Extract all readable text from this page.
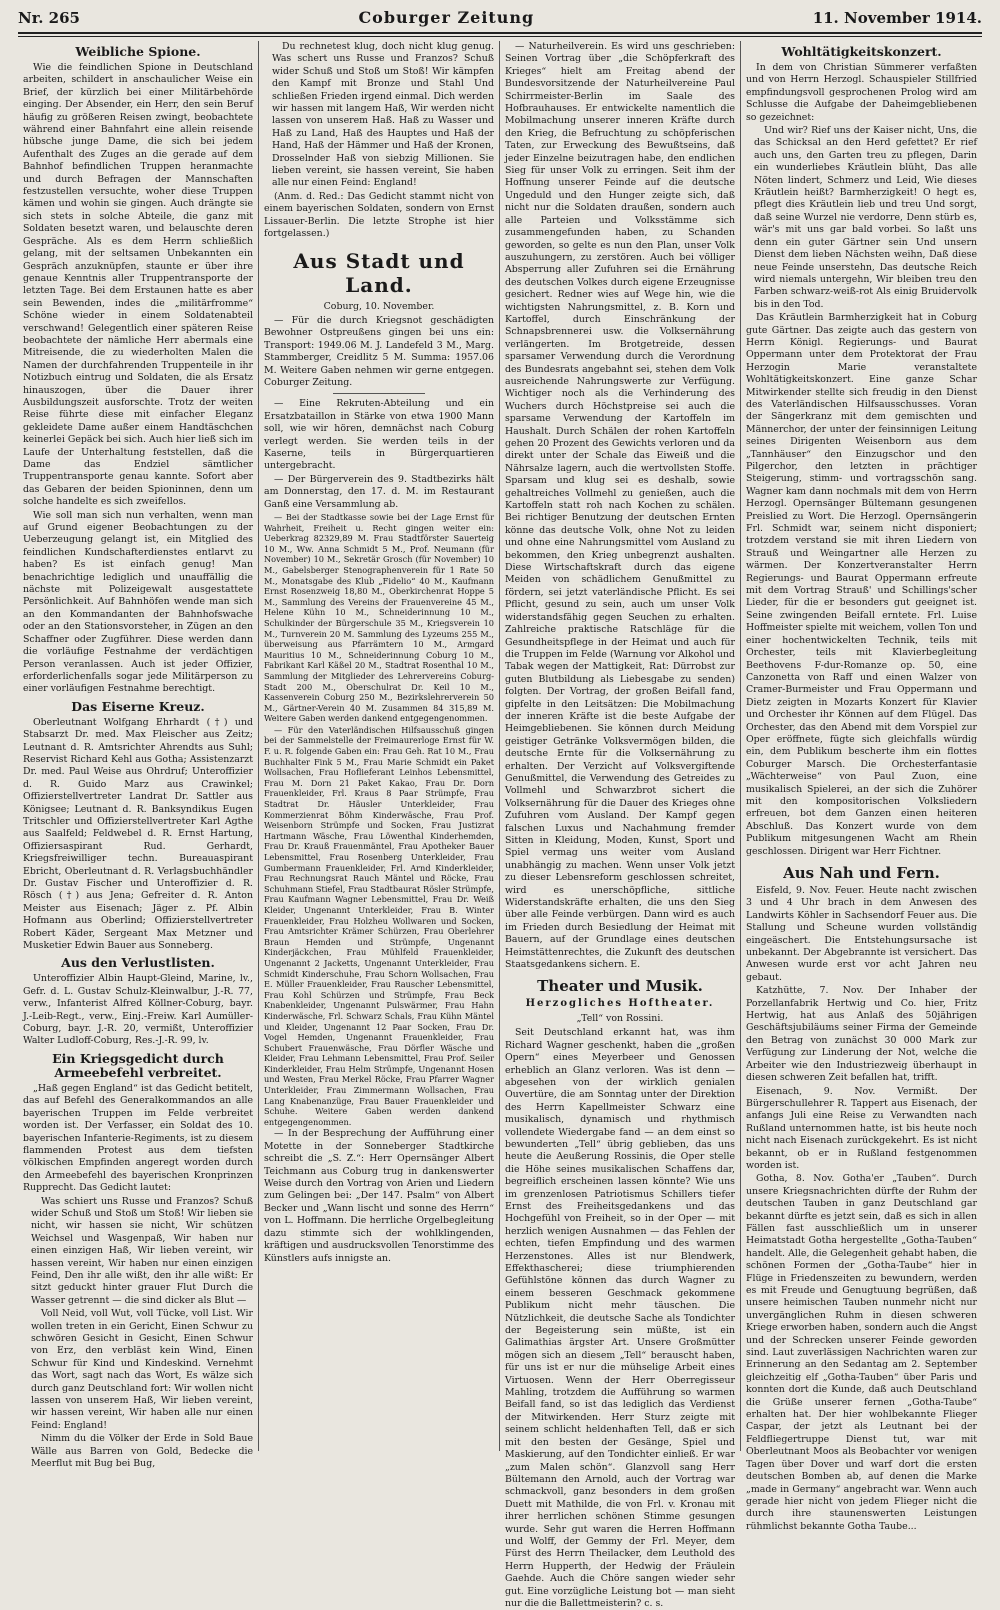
Nr. 265	Coburger Zeitung	11. November 1914.
Weibliche Spione.

Wie die feindlichen Spione in Deutschland arbeiten, schildert in anschaulicher Weise ein Brief, der kürzlich bei einer Militärbehörde einging. Der Absender, ein Herr, den sein Beruf häufig zu größeren Reisen zwingt, beobachtete während einer Bahnfahrt eine allein reisende hübsche junge Dame, die sich bei jedem Aufenthalt des Zuges an die gerade auf dem Bahnhof befindlichen Truppen heranmachte und durch Befragen der Mannschaften festzustellen versuchte, woher diese Truppen kämen und wohin sie gingen. Auch drängte sie sich stets in solche Abteile, die ganz mit Soldaten besetzt waren, und belauschte deren Gespräche. Als es dem Herrn schließlich gelang, mit der seltsamen Unbekannten ein Gespräch anzuknüpfen, staunte er über ihre genaue Kenntnis aller Truppentransporte der letzten Tage. Bei dem Erstaunen hatte es aber sein Bewenden, indes die „militärfromme“ Schöne wieder in einem Soldatenabteil verschwand! Gelegentlich einer späteren Reise beobachtete der nämliche Herr abermals eine Mitreisende, die zu wiederholten Malen die Namen der durchfahrenden Truppenteile in ihr Notizbuch eintrug und Soldaten, die als Ersatz hinauszogen, über die Dauer ihrer Ausbildungszeit ausforschte. Trotz der weiten Reise führte diese mit einfacher Eleganz gekleidete Dame außer einem Handtäschchen keinerlei Gepäck bei sich. Auch hier ließ sich im Laufe der Unterhaltung feststellen, daß die Dame das Endziel sämtlicher Truppentransporte genau kannte. Sofort aber das Gebaren der beiden Spioninnen, denn um solche handelte es sich zweifellos.

Wie soll man sich nun verhalten, wenn man auf Grund eigener Beobachtungen zu der Ueberzeugung gelangt ist, ein Mitglied des feindlichen Kundschafterdienstes entlarvt zu haben? Es ist einfach genug! Man benachrichtige lediglich und unauffällig die nächste mit Polizeigewalt ausgestattete Persönlichkeit. Auf Bahnhöfen wende man sich an den Kommandanten der Bahnhofswache oder an den Stationsvorsteher, in Zügen an den Schaffner oder Zugführer. Diese werden dann die vorläufige Festnahme der verdächtigen Person veranlassen. Auch ist jeder Offizier, erforderlichenfalls sogar jede Militärperson zu einer vorläufigen Festnahme berechtigt.

Das Eiserne Kreuz.

Oberleutnant Wolfgang Ehrhardt (†) und Stabsarzt Dr. med. Max Fleischer aus Zeitz; Leutnant d. R. Amtsrichter Ahrendts aus Suhl; Reservist Richard Kehl aus Gotha; Assistenzarzt Dr. med. Paul Weise aus Ohrdruf; Unteroffizier d. R. Guido Marz aus Crawinkel; Offizierstellvertreter Landrat Dr. Sattler aus Königsee; Leutnant d. R. Banksyndikus Eugen Tritschler und Offizierstellvertreter Karl Agthe aus Saalfeld; Feldwebel d. R. Ernst Hartung, Offiziersaspirant Rud. Gerhardt, Kriegsfreiwilliger techn. Bureauaspirant Ebricht, Oberleutnant d. R. Verlagsbuchhändler Dr. Gustav Fischer und Unteroffizier d. R. Rösch (†) aus Jena; Gefreiter d. R. Anton Meister aus Eisenach; Jäger z. Pf. Albin Hofmann aus Oberlind; Offizierstellvertreter Robert Käder, Sergeant Max Metzner und Musketier Edwin Bauer aus Sonneberg.

Aus den Verlustlisten.

Unteroffizier Albin Haupt-Gleind, Marine, lv., Gefr. d. L. Gustav Schulz-Kleinwalbur, J.-R. 77, verw., Infanterist Alfred Köllner-Coburg, bayr. J.-Leib-Regt., verw., Einj.-Freiw. Karl Aumüller-Coburg, bayr. J.-R. 20, vermißt, Unteroffizier Walter Ludloff-Coburg, Res.-J.-R. 99, lv.

Ein Kriegsgedicht durch Armeebefehl verbreitet.

„Haß gegen England“ ist das Gedicht betitelt, das auf Befehl des Generalkommandos an alle bayerischen Truppen im Felde verbreitet worden ist. Der Verfasser, ein Soldat des 10. bayerischen Infanterie-Regiments, ist zu diesem flammenden Protest aus dem tiefsten völkischen Empfinden angeregt worden durch den Armeebefehl des bayerischen Kronprinzen Rupprecht. Das Gedicht lautet:

Was schiert uns Russe und Franzos? Schuß wider Schuß und Stoß um Stoß! Wir lieben sie nicht, wir hassen sie nicht, Wir schützen Weichsel und Wasgenpaß, Wir haben nur einen einzigen Haß, Wir lieben vereint, wir hassen vereint, Wir haben nur einen einzigen Feind, Den ihr alle wißt, den ihr alle wißt: Er sitzt geduckt hinter grauer Flut Durch die Wasser getrennt — die sind dicker als Blut —

Voll Neid, voll Wut, voll Tücke, voll List. Wir wollen treten in ein Gericht, Einen Schwur zu schwören Gesicht in Gesicht, Einen Schwur von Erz, den verbläst kein Wind, Einen Schwur für Kind und Kindeskind. Vernehmt das Wort, sagt nach das Wort, Es wälze sich durch ganz Deutschland fort: Wir wollen nicht lassen von unserem Haß, Wir lieben vereint, wir hassen vereint, Wir haben alle nur einen Feind: England!

Nimm du die Völker der Erde in Sold Baue Wälle aus Barren von Gold, Bedecke die Meerflut mit Bug bei Bug,

Du rechnetest klug, doch nicht klug genug. Was schert uns Russe und Franzos? Schuß wider Schuß und Stoß um Stoß! Wir kämpfen den Kampf mit Bronze und Stahl Und schließen Frieden irgend einmal. Dich werden wir hassen mit langem Haß, Wir werden nicht lassen von unserem Haß. Haß zu Wasser und Haß zu Land, Haß des Hauptes und Haß der Hand, Haß der Hämmer und Haß der Kronen, Drosselnder Haß von siebzig Millionen. Sie lieben vereint, sie hassen vereint, Sie haben alle nur einen Feind: England!

(Anm. d. Red.: Das Gedicht stammt nicht von einem bayerischen Soldaten, sondern von Ernst Lissauer-Berlin. Die letzte Strophe ist hier fortgelassen.)

Aus Stadt und Land.
Coburg, 10. November.

— Für die durch Kriegsnot geschädigten Bewohner Ostpreußens gingen bei uns ein: Transport: 1949.06 M. J. Landefeld 3 M., Marg. Stammberger, Creidlitz 5 M. Summa: 1957.06 M. Weitere Gaben nehmen wir gerne entgegen. Coburger Zeitung.

— Eine Rekruten-Abteilung und ein Ersatzbataillon in Stärke von etwa 1900 Mann soll, wie wir hören, demnächst nach Coburg verlegt werden. Sie werden teils in der Kaserne, teils in Bürgerquartieren untergebracht.

— Der Bürgerverein des 9. Stadtbezirks hält am Donnerstag, den 17. d. M. im Restaurant Ganß eine Versammlung ab.

— Bei der Stadtkasse sowie bei der Lage Ernst für Wahrheit, Freiheit u. Recht gingen weiter ein: Ueberkrag 82329,89 M. Frau Stadtförster Sauerteig 10 M., Ww. Anna Schmidt 5 M., Prof. Neumann (für November) 10 M., Sekretär Grosch (für November) 10 M., Gabelsberger Stenographenverein für 1 Rate 50 M., Monatsgabe des Klub „Fidelio“ 40 M., Kaufmann Ernst Rosenzweig 18,80 M., Oberkirchenrat Hoppe 5 M., Sammlung des Vereins der Frauenvereine 45 M., Helene Kühn 10 M., Schneiderinnung 10 M., Schulkinder der Bürgerschule 35 M., Kriegsverein 10 M., Turnverein 20 M. Sammlung des Lyzeums 255 M., überweisung aus Pfarrämtern 10 M., Armgard Mauritius 10 M., Schneiderinnung Coburg 10 M., Fabrikant Karl Käßel 20 M., Stadtrat Rosenthal 10 M., Sammlung der Mitglieder des Lehrervereins Coburg-Stadt 200 M., Oberschulrat Dr. Keil 10 M., Kassenverein Coburg 250 M., Bezirkslehrerverein 50 M., Gärtner-Verein 40 M. Zusammen 84 315,89 M. Weitere Gaben werden dankend entgegengenommen.

— Für den Vaterländischen Hilfsausschuß gingen bei der Sammelstelle der Freimaurerloge Ernst für W. F. u. R. folgende Gaben ein: Frau Geh. Rat 10 M., Frau Buchhalter Fink 5 M., Frau Marie Schmidt ein Paket Wollsachen, Frau Hoflieferant Leinhos Lebensmittel, Frau M. Dorn 21 Paket Kakao, Frau Dr. Dorn Frauenkleider, Frl. Kraus 8 Paar Strümpfe, Frau Stadtrat Dr. Häusler Unterkleider, Frau Kommerzienrat Böhm Kinderwäsche, Frau Prof. Weisenborn Strümpfe und Socken, Frau Justizrat Hartmann Wäsche, Frau Löwenthal Kinderhemden, Frau Dr. Krauß Frauenmäntel, Frau Apotheker Bauer Lebensmittel, Frau Rosenberg Unterkleider, Frau Gumbermann Frauenkleider, Frl. Arnd Kinderkleider, Frau Rechnungsrat Rauch Mäntel und Röcke, Frau Schuhmann Stiefel, Frau Stadtbaurat Rösler Strümpfe, Frau Kaufmann Wagner Lebensmittel, Frau Dr. Weiß Kleider, Ungenannt Unterkleider, Frau B. Winter Frauenkleider, Frau Holzheu Wollwaren und Socken, Frau Amtsrichter Krämer Schürzen, Frau Oberlehrer Braun Hemden und Strümpfe, Ungenannt Kinderjäckchen, Frau Mühlfeld Frauenkleider, Ungenannt 2 Jacketts, Ungenannt Unterkleider, Frau Schmidt Kinderschuhe, Frau Schorn Wollsachen, Frau E. Müller Frauenkleider, Frau Rauscher Lebensmittel, Frau Kohl Schürzen und Strümpfe, Frau Beck Knabenkleider, Ungenannt Pulswärmer, Frau Hahn Kinderwäsche, Frl. Schwarz Schals, Frau Kühn Mäntel und Kleider, Ungenannt 12 Paar Socken, Frau Dr. Vogel Hemden, Ungenannt Frauenkleider, Frau Schubert Frauenwäsche, Frau Dörfler Wäsche und Kleider, Frau Lehmann Lebensmittel, Frau Prof. Seiler Kinderkleider, Frau Helm Strümpfe, Ungenannt Hosen und Westen, Frau Merkel Röcke, Frau Pfarrer Wagner Unterkleider, Frau Zimmermann Wollsachen, Frau Lang Knabenanzüge, Frau Bauer Frauenkleider und Schuhe. Weitere Gaben werden dankend entgegengenommen.

— In der Besprechung der Aufführung einer Motette in der Sonneberger Stadtkirche schreibt die „S. Z.“: Herr Opernsänger Albert Teichmann aus Coburg trug in dankenswerter Weise durch den Vortrag von Arien und Liedern zum Gelingen bei: „Der 147. Psalm“ von Albert Becker und „Wann lischt und sonne des Herrn“ von L. Hoffmann. Die herrliche Orgelbegleitung dazu stimmte sich der wohlklingenden, kräftigen und ausdrucksvollen Tenorstimme des Künstlers aufs innigste an.

— Naturheilverein. Es wird uns geschrieben: Seinen Vortrag über „die Schöpferkraft des Krieges“ hielt am Freitag abend der Bundesvorsitzende der Naturheilvereine Paul Schirrmeister-Berlin im Saale des Hofbrauhauses. Er entwickelte namentlich die Mobilmachung unserer inneren Kräfte durch den Krieg, die Befruchtung zu schöpferischen Taten, zur Erweckung des Bewußtseins, daß jeder Einzelne beizutragen habe, den endlichen Sieg für unser Volk zu erringen. Seit ihm der Hoffnung unserer Feinde auf die deutsche Ungeduld und den Hunger zeigte sich, daß nicht nur die Soldaten draußen, sondern auch alle Parteien und Volksstämme sich zusammengefunden haben, zu Schanden geworden, so gelte es nun den Plan, unser Volk auszuhungern, zu zerstören. Auch bei völliger Absperrung aller Zufuhren sei die Ernährung des deutschen Volkes durch eigene Erzeugnisse gesichert. Redner wies auf Wege hin, wie die wichtigsten Nahrungsmittel, z. B. Korn und Kartoffel, durch Einschränkung der Schnapsbrennerei usw. die Volksernährung verlängerten. Im Brotgetreide, dessen sparsamer Verwendung durch die Verordnung des Bundesrats angebahnt sei, stehen dem Volk ausreichende Nahrungswerte zur Verfügung. Wichtiger noch als die Verhinderung des Wuchers durch Höchstpreise sei auch die sparsame Verwendung der Kartoffeln im Haushalt. Durch Schälen der rohen Kartoffeln gehen 20 Prozent des Gewichts verloren und da direkt unter der Schale das Eiweiß und die Nährsalze lagern, auch die wertvollsten Stoffe. Sparsam und klug sei es deshalb, sowie gehaltreiches Vollmehl zu genießen, auch die Kartoffeln statt roh nach Kochen zu schälen. Bei richtiger Benutzung der deutschen Ernten könne das deutsche Volk, ohne Not zu leiden und ohne eine Nahrungsmittel vom Ausland zu bekommen, den Krieg unbegrenzt aushalten. Diese Wirtschaftskraft durch das eigene Meiden von schädlichem Genußmittel zu fördern, sei jetzt vaterländische Pflicht. Es sei Pflicht, gesund zu sein, auch um unser Volk widerstandsfähig gegen Seuchen zu erhalten. Zahlreiche praktische Ratschläge für die Gesundheitspflege in der Heimat und auch für die Truppen im Felde (Warnung vor Alkohol und Tabak wegen der Mattigkeit, Rat: Dürrobst zur guten Blutbildung als Liebesgabe zu senden) folgten. Der Vortrag, der großen Beifall fand, gipfelte in den Leitsätzen: Die Mobilmachung der inneren Kräfte ist die beste Aufgabe der Heimgebliebenen. Sie können durch Meidung geistiger Getränke Volksvermögen bilden, die deutsche Ernte für die Volksernährung zu erhalten. Der Verzicht auf Volksvergiftende Genußmittel, die Verwendung des Getreides zu Vollmehl und Schwarzbrot sichert die Volksernährung für die Dauer des Krieges ohne Zufuhren vom Ausland. Der Kampf gegen falschen Luxus und Nachahmung fremder Sitten in Kleidung, Moden, Kunst, Sport und Spiel vermag uns weiter vom Ausland unabhängig zu machen. Wenn unser Volk jetzt zu dieser Lebensreform geschlossen schreitet, wird es unerschöpfliche, sittliche Widerstandskräfte erhalten, die uns den Sieg über alle Feinde verbürgen. Dann wird es auch im Frieden durch Besiedlung der Heimat mit Bauern, auf der Grundlage eines deutschen Heimstättenrechtes, die Zukunft des deutschen Staatsgedankens sichern. E.

Theater und Musik.
Herzogliches Hoftheater.
„Tell“ von Rossini.

Seit Deutschland erkannt hat, was ihm Richard Wagner geschenkt, haben die „großen Opern“ eines Meyerbeer und Genossen erheblich an Glanz verloren. Was ist denn — abgesehen von der wirklich genialen Ouvertüre, die am Sonntag unter der Direktion des Herrn Kapellmeister Schwarz eine musikalisch, dynamisch und rhythmisch vollendete Wiedergabe fand — an dem einst so bewunderten „Tell“ übrig geblieben, das uns heute die Aeußerung Rossinis, die Oper stelle die Höhe seines musikalischen Schaffens dar, begreiflich erscheinen lassen könnte? Wie uns im grenzenlosen Patriotismus Schillers tiefer Ernst des Freiheitsgedankens und das Hochgefühl von Freiheit, so in der Oper — mit herzlich wenigen Ausnahmen — das Fehlen der echten, tiefen Empfindung und des warmen Herzenstones. Alles ist nur Blendwerk, Effekthascherei; diese triumphierenden Gefühlstöne können das durch Wagner zu einem besseren Geschmack gekommene Publikum nicht mehr täuschen. Die Nützlichkeit, die deutsche Sache als Tondichter der Begeisterung sein müßte, ist ein Galimathias ärgster Art. Unsere Großmütter mögen sich an diesem „Tell“ berauscht haben, für uns ist er nur die mühselige Arbeit eines Virtuosen. Wenn der Herr Oberregisseur Mahling, trotzdem die Aufführung so warmen Beifall fand, so ist das lediglich das Verdienst der Mitwirkenden. Herr Sturz zeigte mit seinem schlicht heldenhaften Tell, daß er sich mit den besten der Gesänge, Spiel und Maskierung, auf den Tondichter einließ. Er war „zum Malen schön“. Glanzvoll sang Herr Bültemann den Arnold, auch der Vortrag war schmackvoll, ganz besonders in dem großen Duett mit Mathilde, die von Frl. v. Kronau mit ihrer herrlichen schönen Stimme gesungen wurde. Sehr gut waren die Herren Hoffmann und Wolff, der Gemmy der Frl. Meyer, dem Fürst des Herrn Theilacker, dem Leuthold des Herrn Hupperth, der Hedwig der Fräulein Gaehde. Auch die Chöre sangen wieder sehr gut. Eine vorzügliche Leistung bot — man sieht nur die die Ballettmeisterin? c. s.

Wohltätigkeitskonzert.

In dem von Christian Sümmerer verfaßten und von Herrn Herzogl. Schauspieler Stillfried empfindungsvoll gesprochenen Prolog wird am Schlusse die Aufgabe der Daheimgebliebenen so gezeichnet:

Und wir? Rief uns der Kaiser nicht, Uns, die das Schicksal an den Herd gefettet? Er rief auch uns, den Garten treu zu pflegen, Darin ein wunderliebes Kräutlein blüht, Das alle Nöten lindert, Schmerz und Leid, Wie dieses Kräutlein heißt? Barmherzigkeit! O hegt es, pflegt dies Kräutlein lieb und treu Und sorgt, daß seine Wurzel nie verdorre, Denn stürb es, wär's mit uns gar bald vorbei. So laßt uns denn ein guter Gärtner sein Und unsern Dienst dem lieben Nächsten weihn, Daß diese neue Feinde unserstehn, Das deutsche Reich wird niemals untergehn, Wir bleiben treu den Farben schwarz-weiß-rot Als einig Bruidervolk bis in den Tod.

Das Kräutlein Barmherzigkeit hat in Coburg gute Gärtner. Das zeigte auch das gestern von Herrn Königl. Regierungs- und Baurat Oppermann unter dem Protektorat der Frau Herzogin Marie veranstaltete Wohltätigkeitskonzert. Eine ganze Schar Mitwirkender stellte sich freudig in den Dienst des Vaterländischen Hilfsausschusses. Voran der Sängerkranz mit dem gemischten und Männerchor, der unter der feinsinnigen Leitung seines Dirigenten Weisenborn aus dem „Tannhäuser“ den Einzugschor und den Pilgerchor, den letzten in prächtiger Steigerung, stimm- und vortragsschön sang. Wagner kam dann nochmals mit dem von Herrn Herzogl. Opernsänger Bültemann gesungenen Preislied zu Wort. Die Herzogl. Opernsängerin Frl. Schmidt war, seinem nicht disponiert; trotzdem verstand sie mit ihren Liedern von Strauß und Weingartner alle Herzen zu wärmen. Der Konzertveranstalter Herrn Regierungs- und Baurat Oppermann erfreute mit dem Vortrag Strauß' und Schillings'scher Lieder, für die er besonders gut geeignet ist. Seine zwingenden Beifall erntete. Frl. Luise Hoffmeister spielte mit weichem, vollen Ton und einer hochentwickelten Technik, teils mit Orchester, teils mit Klavierbegleitung Beethovens F-dur-Romanze op. 50, eine Canzonetta von Raff und einen Walzer von Cramer-Burmeister und Frau Oppermann und Dietz zeigten in Mozarts Konzert für Klavier und Orchester ihr Können auf dem Flügel. Das Orchester, das den Abend mit dem Vorspiel zur Oper eröffnete, fügte sich gleichfalls würdig ein, dem Publikum bescherte ihm ein flottes Coburger Marsch. Die Orchesterfantasie „Wächterweise“ von Paul Zuon, eine musikalisch Spielerei, an der sich die Zuhörer mit den kompositorischen Volksliedern erfreuen, bot dem Ganzen einen heiteren Abschluß. Das Konzert wurde von dem Publikum mitgesungenen Wacht am Rhein geschlossen. Dirigent war Herr Fichtner.

Aus Nah und Fern.

Eisfeld, 9. Nov. Feuer. Heute nacht zwischen 3 und 4 Uhr brach in dem Anwesen des Landwirts Köhler in Sachsendorf Feuer aus. Die Stallung und Scheune wurden vollständig eingeäschert. Die Entstehungsursache ist unbekannt. Der Abgebrannte ist versichert. Das Anwesen wurde erst vor acht Jahren neu gebaut.

Katzhütte, 7. Nov. Der Inhaber der Porzellanfabrik Hertwig und Co. hier, Fritz Hertwig, hat aus Anlaß des 50jährigen Geschäftsjubiläums seiner Firma der Gemeinde den Betrag von zunächst 30 000 Mark zur Verfügung zur Linderung der Not, welche die Arbeiter wie den Industriezweig überhaupt in diesen schweren Zeit befallen hat, trifft.

Eisenach, 9. Nov. Vermißt. Der Bürgerschullehrer R. Tappert aus Eisenach, der anfangs Juli eine Reise zu Verwandten nach Rußland unternommen hatte, ist bis heute noch nicht nach Eisenach zurückgekehrt. Es ist nicht bekannt, ob er in Rußland festgenommen worden ist.

Gotha, 8. Nov. Gotha'er „Tauben“. Durch unsere Kriegsnachrichten dürfte der Ruhm der deutschen Tauben in ganz Deutschland gar bekannt dürfte es jetzt sein, daß es sich in allen Fällen fast ausschließlich um in unserer Heimatstadt Gotha hergestellte „Gotha-Tauben“ handelt. Alle, die Gelegenheit gehabt haben, die schönen Formen der „Gotha-Taube“ hier in Flüge in Friedenszeiten zu bewundern, werden es mit Freude und Genugtuung begrüßen, daß unsere heimischen Tauben nunmehr nicht nur unvergänglichen Ruhm in diesen schweren Kriege erworben haben, sondern auch die Angst und der Schrecken unserer Feinde geworden sind. Laut zuverlässigen Nachrichten waren zur Erinnerung an den Sedantag am 2. September gleichzeitig elf „Gotha-Tauben“ über Paris und konnten dort die Kunde, daß auch Deutschland die Grüße unserer fernen „Gotha-Taube“ erhalten hat. Der hier wohlbekannte Flieger Caspar, der jetzt als Leutnant bei der Feldfliegertruppe Dienst tut, war mit Oberleutnant Moos als Beobachter vor wenigen Tagen über Dover und warf dort die ersten deutschen Bomben ab, auf denen die Marke „made in Germany“ angebracht war. Wenn auch gerade hier nicht von jedem Flieger nicht die durch ihre staunenswerten Leistungen rühmlichst bekannte Gotha Taube...
